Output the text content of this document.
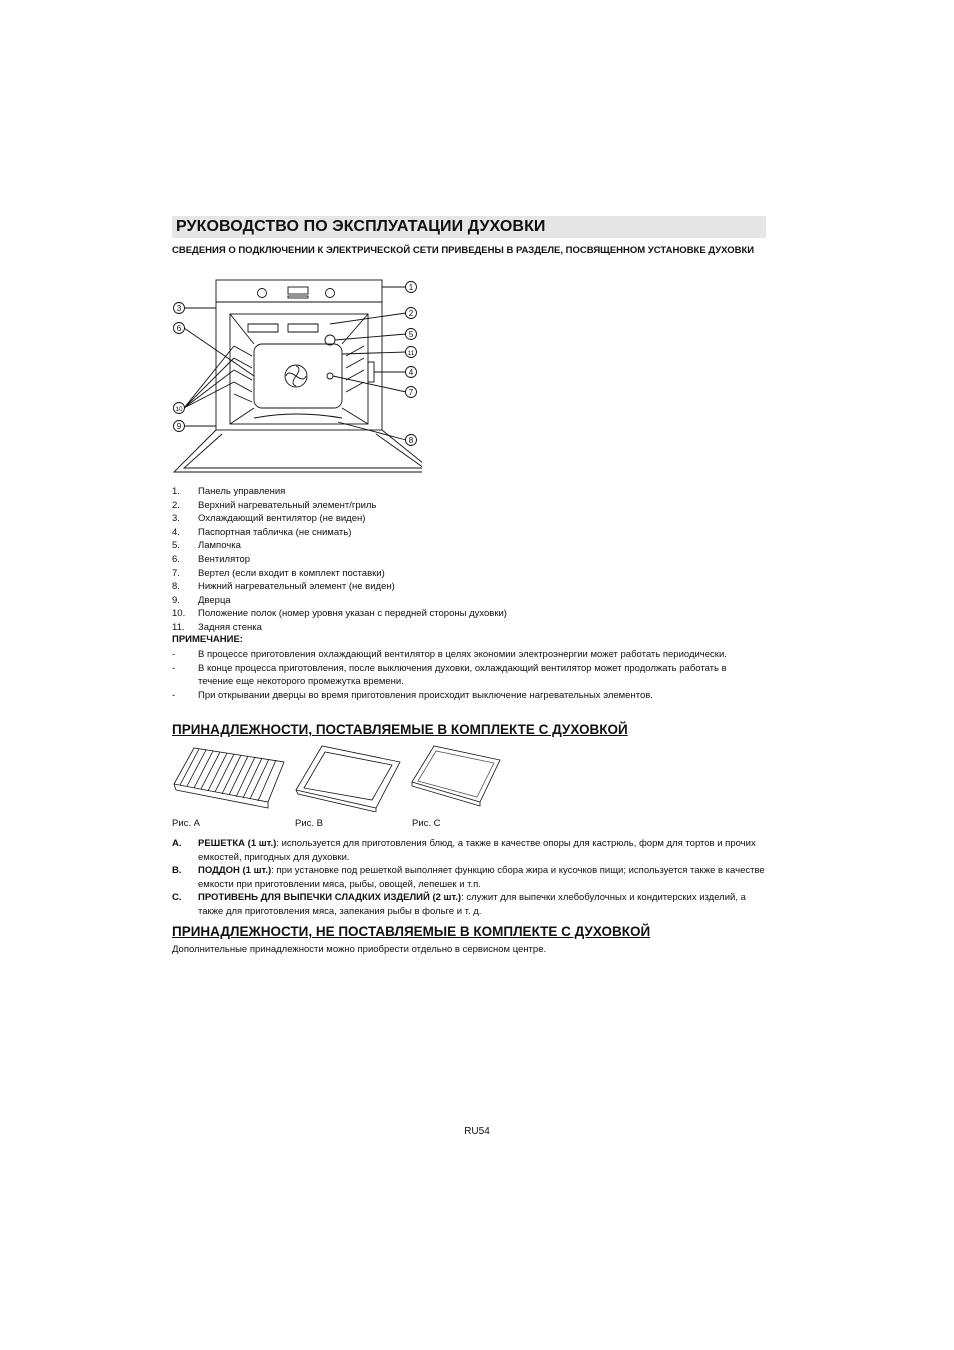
РУКОВОДСТВО ПО ЭКСПЛУАТАЦИИ ДУХОВКИ
СВЕДЕНИЯ О ПОДКЛЮЧЕНИИ К ЭЛЕКТРИЧЕСКОЙ СЕТИ ПРИВЕДЕНЫ В РАЗДЕЛЕ, ПОСВЯЩЕННОМ УСТАНОВКЕ ДУХОВКИ
1
2
3
4
5
6
7
8
9
10
11
1. Панель управления
2. Верхний нагревательный элемент/гриль
3. Охлаждающий вентилятор (не виден)
4. Паспортная табличка (не снимать)
5. Лампочка
6. Вентилятор
7. Вертел (если входит в комплект поставки)
8. Нижний нагревательный элемент (не виден)
9. Дверца
10. Положение полок (номер уровня указан с передней стороны духовки)
11. Задняя стенка
ПРИМЕЧАНИЕ:
- В процессе приготовления охлаждающий вентилятор в целях экономии электроэнергии может работать периодически.
- В конце процесса приготовления, после выключения духовки, охлаждающий вентилятор может продолжать работать в течение еще некоторого промежутка времени.
- При открывании дверцы во время приготовления происходит выключение нагревательных элементов.
ПРИНАДЛЕЖНОСТИ, ПОСТАВЛЯЕМЫЕ В КОМПЛЕКТЕ С ДУХОВКОЙ
Рис. A	Рис. B	Рис. C
A. РЕШЕТКА (1 шт.): используется для приготовления блюд, а также в качестве опоры для кастрюль, форм для тортов и прочих емкостей, пригодных для духовки.
B. ПОДДОН (1 шт.): при установке под решеткой выполняет функцию сбора жира и кусочков пищи; используется также в качестве емкости при приготовлении мяса, рыбы, овощей, лепешек и т.п.
C. ПРОТИВЕНЬ ДЛЯ ВЫПЕЧКИ СЛАДКИХ ИЗДЕЛИЙ (2 шт.): служит для выпечки хлебобулочных и кондитерских изделий, а также для приготовления мяса, запекания рыбы в фольге и т. д.
ПРИНАДЛЕЖНОСТИ, НЕ ПОСТАВЛЯЕМЫЕ В КОМПЛЕКТЕ С ДУХОВКОЙ
Дополнительные принадлежности можно приобрести отдельно в сервисном центре.
RU54
